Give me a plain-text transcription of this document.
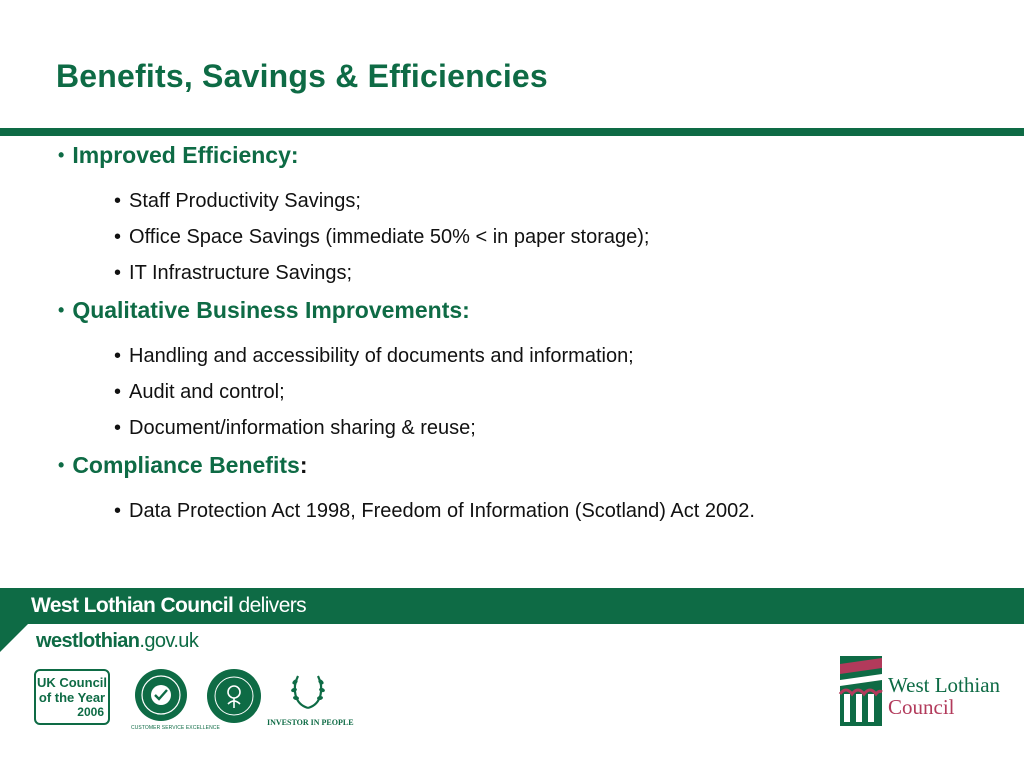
Benefits, Savings & Efficiencies
• Improved Efficiency:
• Staff Productivity Savings;
• Office Space Savings (immediate 50% < in paper storage);
• IT Infrastructure Savings;
• Qualitative Business Improvements:
• Handling and accessibility of documents and information;
• Audit and control;
• Document/information sharing & reuse;
• Compliance Benefits:
• Data Protection Act 1998, Freedom of Information (Scotland) Act 2002.
West Lothian Council delivers
westlothian.gov.uk
UK Council
of the Year
2006
CUSTOMER SERVICE EXCELLENCE
INVESTOR IN PEOPLE
West Lothian
Council
